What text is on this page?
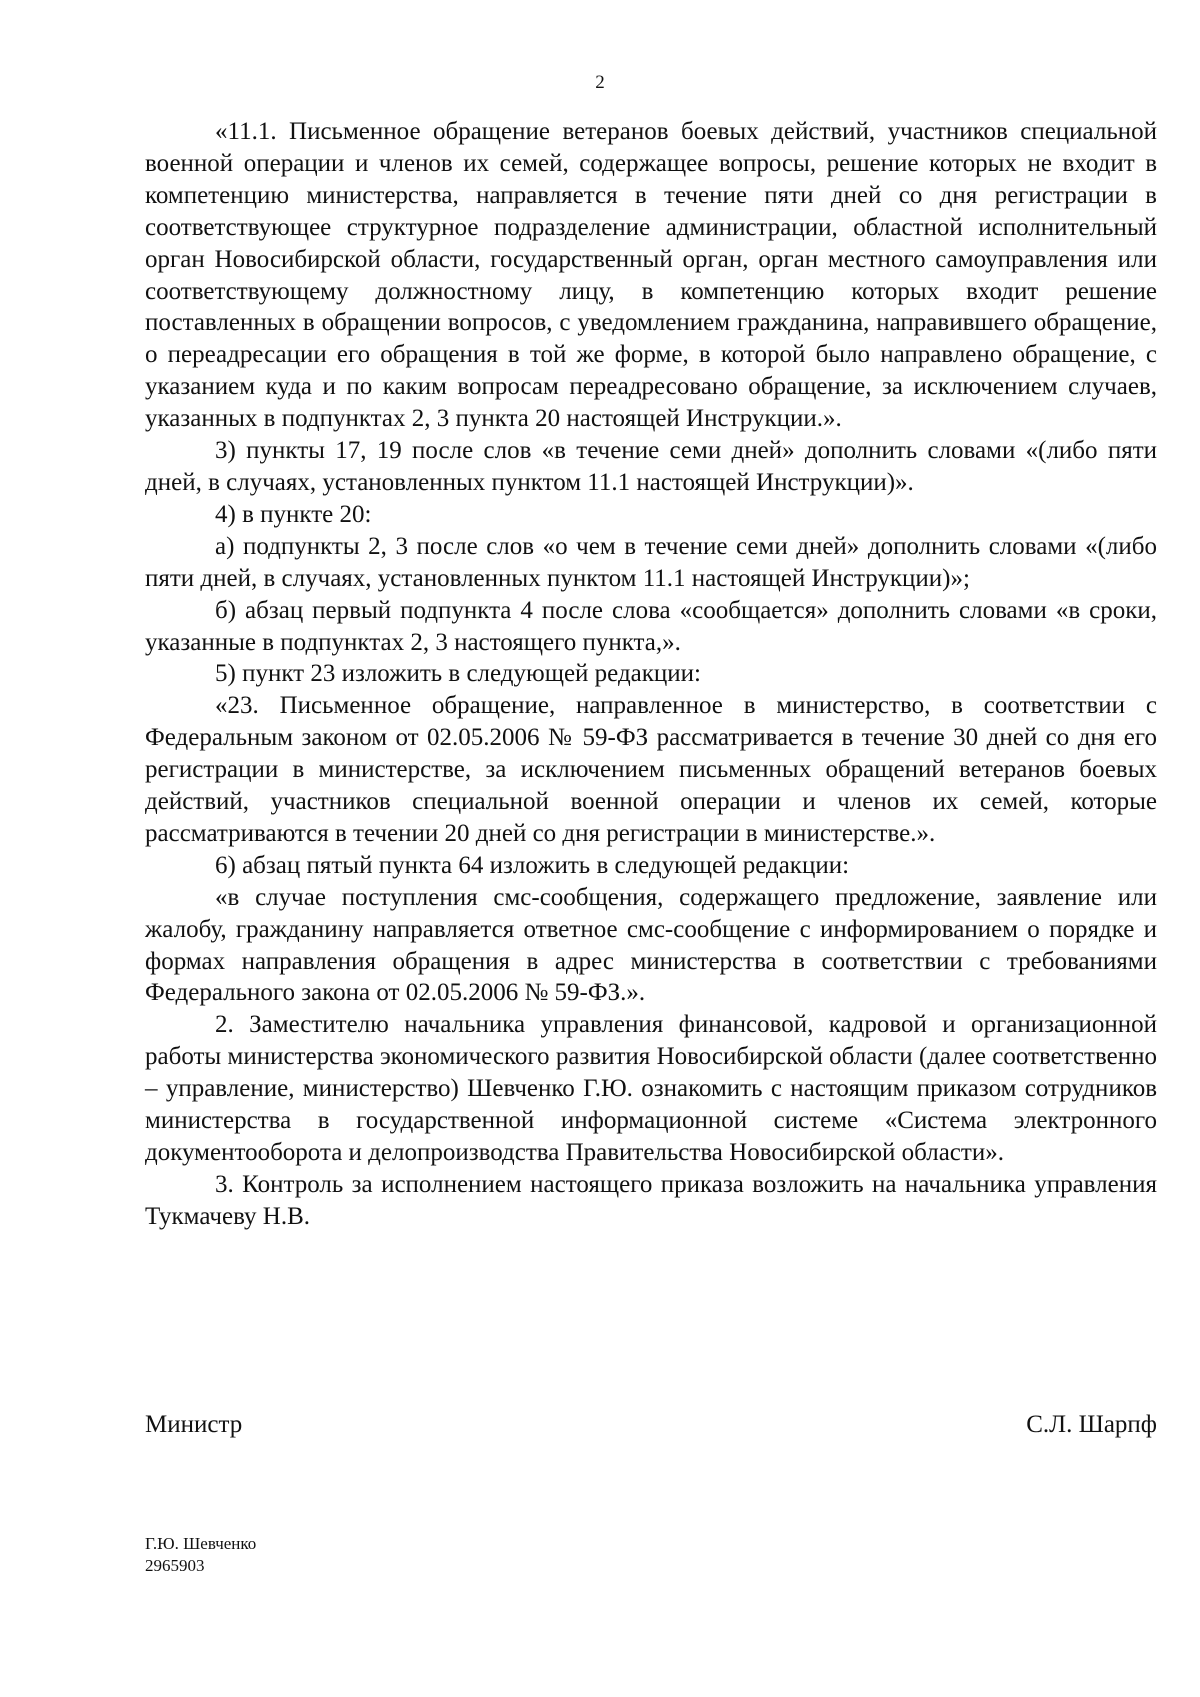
2

«11.1. Письменное обращение ветеранов боевых действий, участников специальной военной операции и членов их семей, содержащее вопросы, решение которых не входит в компетенцию министерства, направляется в течение пяти дней со дня регистрации в соответствующее структурное подразделение администрации, областной исполнительный орган Новосибирской области, государственный орган, орган местного самоуправления или соответствующему должностному лицу, в компетенцию которых входит решение поставленных в обращении вопросов, с уведомлением гражданина, направившего обращение, о переадресации его обращения в той же форме, в которой было направлено обращение, с указанием куда и по каким вопросам переадресовано обращение, за исключением случаев, указанных в подпунктах 2, 3 пункта 20 настоящей Инструкции.».

3) пункты 17, 19 после слов «в течение семи дней» дополнить словами «(либо пяти дней, в случаях, установленных пунктом 11.1 настоящей Инструкции)».

4) в пункте 20:

а) подпункты 2, 3 после слов «о чем в течение семи дней» дополнить словами «(либо пяти дней, в случаях, установленных пунктом 11.1 настоящей Инструкции)»;

б) абзац первый подпункта 4 после слова «сообщается» дополнить словами «в сроки, указанные в подпунктах 2, 3 настоящего пункта,».

5) пункт 23 изложить в следующей редакции:

«23. Письменное обращение, направленное в министерство, в соответствии с Федеральным законом от 02.05.2006 № 59-ФЗ рассматривается в течение 30 дней со дня его регистрации в министерстве, за исключением письменных обращений ветеранов боевых действий, участников специальной военной операции и членов их семей, которые рассматриваются в течении 20 дней со дня регистрации в министерстве.».

6) абзац пятый пункта 64 изложить в следующей редакции:

«в случае поступления смс-сообщения, содержащего предложение, заявление или жалобу, гражданину направляется ответное смс-сообщение с информированием о порядке и формах направления обращения в адрес министерства в соответствии с требованиями Федерального закона от 02.05.2006 № 59-ФЗ.».

2. Заместителю начальника управления финансовой, кадровой и организационной работы министерства экономического развития Новосибирской области (далее соответственно – управление, министерство) Шевченко Г.Ю. ознакомить с настоящим приказом сотрудников министерства в государственной информационной системе «Система электронного документооборота и делопроизводства Правительства Новосибирской области».

3. Контроль за исполнением настоящего приказа возложить на начальника управления Тукмачеву Н.В.

Министр	С.Л. Шарпф
Г.Ю. Шевченко
2965903
